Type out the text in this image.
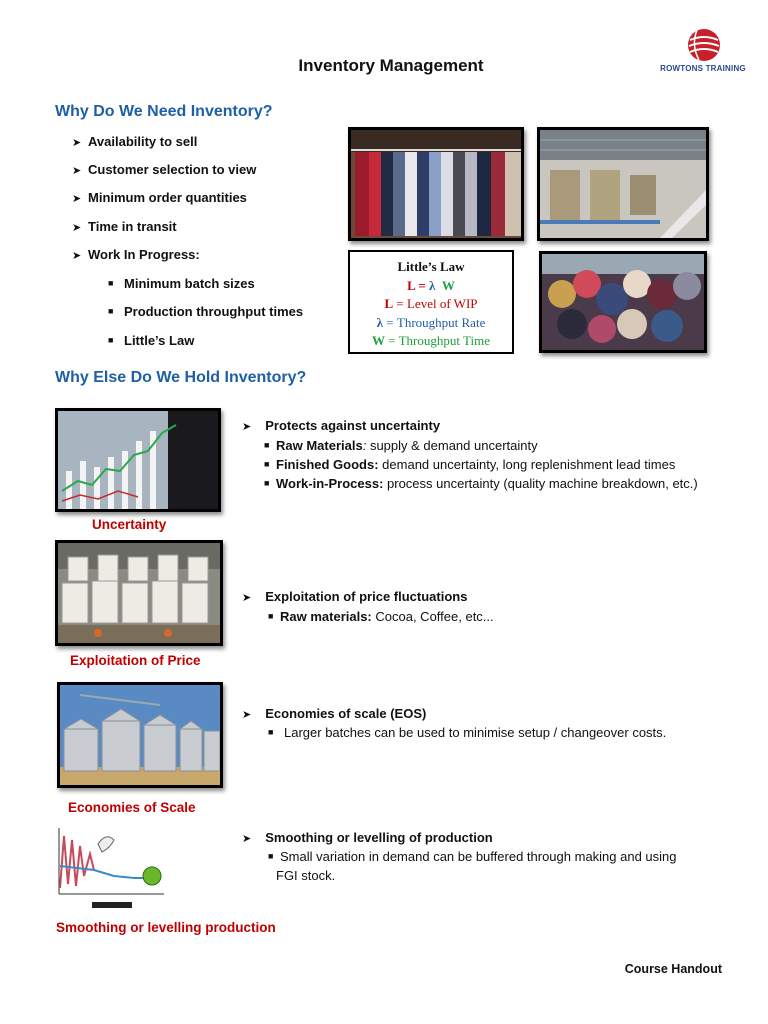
Inventory Management	ROWTONS TRAINING
Why Do We Need Inventory?
➤ Availability to sell
➤ Customer selection to view
➤ Minimum order quantities
➤ Time in transit
➤ Work In Progress:
■ Minimum batch sizes
■ Production throughput times
■ Little’s Law
Little’s Law
L = λ W
L = Level of WIP
λ = Throughput Rate
W = Throughput Time
Why Else Do We Hold Inventory?
Uncertainty
➤ Protects against uncertainty
■ Raw Materials: supply & demand uncertainty
■ Finished Goods: demand uncertainty, long replenishment lead times
■ Work-in-Process: process uncertainty (quality machine breakdown, etc.)
Exploitation of Price
➤ Exploitation of price fluctuations
■ Raw materials: Cocoa, Coffee, etc...
Economies of Scale
➤ Economies of scale (EOS)
■ Larger batches can be used to minimise setup / changeover costs.
Smoothing or levelling production
➤ Smoothing or levelling of production
■ Small variation in demand can be buffered through making and using
FGI stock.
Course Handout
